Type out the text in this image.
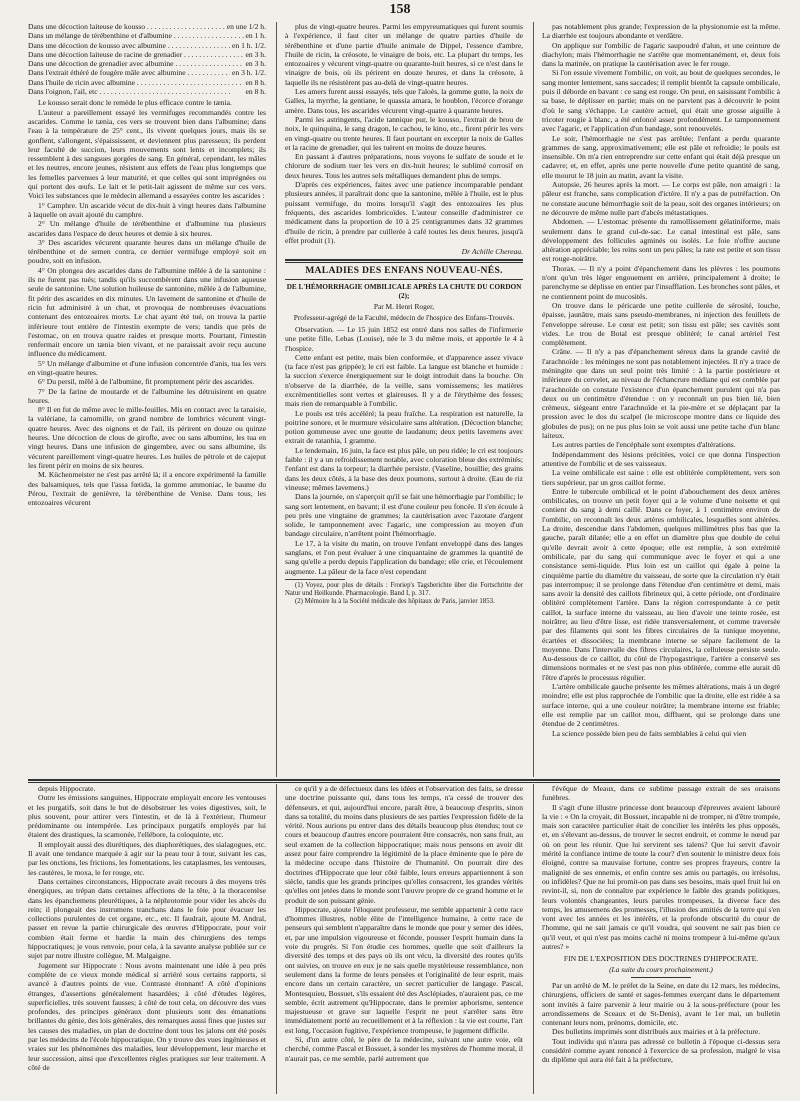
158
Dans une décoction laiteuse de kousso . . .	en une 1/2 h.
Dans un mélange de térébenthine et d'albumine . . .	en 1 h.
Dans une décoction de kousso avec albumine . . .	en 1 h. 1/2.
Dans une décoction laiteuse de racine de grenadier . . .	en 3 h.
Dans une décoction de grenadier avec albumine . . .	en 3 h.
Dans l'extrait éthéré de fougère mâle avec albumine . . .	en 3 h. 1/2.
Dans l'huile de ricin avec albumine . . .	en 8 h.
Dans l'oignon, l'ail, etc . . .	en 8 h.

Le kousso serait donc le remède le plus efficace contre le tænia.

L'auteur a pareillement essayé les vermifuges recommandés contre les ascarides. Comme le tænia, ces vers se trouvent bien dans l'albumine; dans l'eau à la température de 25° cent., ils vivent quelques jours, mais ils se gonflent, s'allongent, s'épaississent, et deviennent plus paresseux; ils perdent leur faculté de succion, leurs mouvements sont lents et incomplets; ils ressemblent à des sangsues gorgées de sang. En général, cependant, les mâles et les neutres, encore jeunes, résistent aux effets de l'eau plus longtemps que les femelles parvenues à leur maturité, et que celles qui sont imprégnées ou qui portent des œufs. Le lait et le petit-lait agissent de même sur ces vers. Voici les substances que le médecin allemand a essayées contre les ascarides :

1° Camphre. Un ascaride vécut de dix-huit à vingt heures dans l'albumine à laquelle on avait ajouté du camphre.

2° Un mélange d'huile de térébenthine et d'albumine tua plusieurs ascarides dans l'espace de deux heures et demie à six heures.

3° Des ascarides vécurent quarante heures dans un mélange d'huile de térébenthine et de semen contra, ce dernier vermifuge employé soit en poudre, soit en infusion.

4° On plongea des ascarides dans de l'albumine mêlée à de la santonine : ils ne furent pas tués; tandis qu'ils succombèrent dans une infusion aqueuse seule de santonine. Une solution huileuse de santonine, mêlée à de l'albumine, fit périr des ascarides en dix minutes. Un lavement de santonine et d'huile de ricin fut administré à un chat, et provoqua de nombreuses évacuations contenant des entozoaires morts. Le chat ayant été tué, on trouva la partie inférieure tout entière de l'intestin exempte de vers; tandis que près de l'estomac, on en trouva quatre raides et presque morts. Pourtant, l'intestin renfermait encore un tænia bien vivant, et ne paraissait avoir reçu aucune influence du médicament.

5° Un mélange d'albumine et d'une infusion concentrée d'anis, tua les vers en vingt-quatre heures.

6° Du persil, mêlé à de l'albumine, fit promptement périr des ascarides.

7° De la farine de moutarde et de l'albumine les détruisirent en quatre heures.

8° Il en fut de même avec le mille-feuilles. Mis en contact avec la tanaisie, la valériane, la camomille, on grand nombre de lombrics vécurent vingt-quatre heures. Avec des oignons et de l'ail, ils périrent en douze ou quinze heures. Une décoction de clous de girofle, avec ou sans albumine, les tua en vingt heures. Dans une infusion de gingembre, avec ou sans albumine, ils vécurent pareillement vingt-quatre heures. Les huiles de pétrole et de cajeput les firent périr en moins de six heures.

M. Küchenmeister ne s'est pas arrêté là; il a encore expérimenté la famille des balsamiques, tels que l'assa fœtida, la gomme ammoniac, le baume du Pérou, l'extrait de genièvre, la térébenthine de Venise. Dans tous, les entozoaires vécurent

plus de vingt-quatre heures. Parmi les empyreumatiques qui furent soumis à l'expérience, il faut citer un mélange de quatre parties d'huile de térébenthine et d'une partie d'huile animale de Dippel, l'essence d'ambre, l'huile de ricin, la créosote, le vinaigre de bois, etc. La plupart du temps, les entozoaires y vécurent vingt-quatre ou quarante-huit heures, si ce n'est dans le vinaigre de bois, où ils périrent en douze heures, et dans la créosote, à laquelle ils ne résistèrent pas au-delà de vingt-quatre heures.

Les amers furent aussi essayés, tels que l'aloès, la gomme gutte, la noix de Galles, la myrrhe, la gentiane, le quassia amara, le houblon, l'écorce d'orange amère. Dans tous, les ascarides vécurent vingt-quatre à quarante heures.

Parmi les astringents, l'acide tannique pur, le kousso, l'extrait de brou de noix, le quinquina, le sang dragon, le cachou, le kino, etc., firent périr les vers en vingt-quatre ou trente heures. Il faut pourtant en excepter la noix de Galles et la racine de grenadier, qui les tuèrent en moins de douze heures.

En passant à d'autres préparations, nous voyons le sulfate de soude et le chlorure de sodium tuer les vers en dix-huit heures; le sublimé corrosif en deux heures. Tous les autres sels métalliques demandent plus de temps.

D'après ces expériences, faites avec une patience incomparable pendant plusieurs années, il paraîtrait donc que la santonine, mêlée à l'huile, est le plus puissant vermifuge, du moins lorsqu'il s'agit des entozoaires les plus fréquents, des ascarides lombricoïdes. L'auteur conseille d'administrer ce médicament dans la proportion de 10 à 25 centigrammes dans 32 grammes d'huile de ricin, à prendre par cuillerée à café toutes les deux heures, jusqu'à effet produit (1).

Dr Achille Chereau.
MALADIES DES ENFANS NOUVEAU-NÉS.
DE L'HÉMORRHAGIE OMBILICALE APRÈS LA CHUTE DU CORDON (2);
Par M. Henri Roger,
Professeur-agrégé de la Faculté, médecin de l'hospice des Enfans-Trouvés.

Observation. — Le 15 juin 1852 est entré dans nos salles de l'infirmerie une petite fille, Lebas (Louise), née le 3 du même mois, et apportée le 4 à l'hospice.

Cette enfant est petite, mais bien conformée, et d'apparence assez vivace (ta face n'est pas grippée); le cri est faible. La langue est blanche et humide : la succion s'exerce énergiquement sur le doigt introduit dans la bouche. On n'observe de la diarrhée, de la veille, sans vomissemens; les matières excrémentitielles sont vertes et glaireuses. Il y a de l'érythème des fesses; mais rien de remarquable à l'ombilic.

Le pouls est très accéléré; la peau fraîche. La respiration est naturelle, la poitrine sonore, et le murmure vésiculaire sans altération. (Décoction blanche; potion gommeuse avec une goutte de laudanum; deux petits lavemens avec extrait de ratanhia, 1 gramme.

Le lendemain, 16 juin, la face est plus pâle, un peu ridée; le cri est toujours faible : il y a un refroidissement notable, avec coloration bleue des extrémités; l'enfant est dans la torpeur; la diarrhée persiste. (Vaseline, bouillie; des grains dans les deux côtés, à la base des deux poumons, surtout à droite. (Eau de riz vineuse; mêmes lavemens.)

Dans la journée, on s'aperçoit qu'il se fait une hémorrhagie par l'ombilic; le sang sort lentement, en bavant; il est d'une couleur peu foncée. Il s'en écoule à peu près une vingtaine de grammes; la cautérisation avec l'azotate d'argent solide, le tamponnement avec l'agaric, une compression au moyen d'un bandage circulaire, n'arrêtent point l'hémorrhagie.

Le 17, à la visite du matin, on trouve l'enfant enveloppé dans des langes sanglans, et l'on peut évaluer à une cinquantaine de grammes la quantité de sang qu'elle a perdu depuis l'application du bandage; elle crie, et l'écoulement augmente. La pâleur de la face n'est cependant

(1) Voyez, pour plus de détails : Froriep's Tagsberichte über die Fortschritte der Natur und Heilkunde. Pharmacologie. Band I, p. 317.

(2) Mémoire lu à la Société médicale des hôpitaux de Paris, janvier 1853.

pas notablement plus grande; l'expression de la physionomie est la même. La diarrhée est toujours abondante et verdâtre.

On applique sur l'ombilic de l'agaric saupoudré d'alun, et une ceinture de diachylon; mais l'hémorrhagie ne s'arrête que momentanément, et, deux fois dans la matinée, on pratique la cautérisation avec le fer rouge.

Si l'on essuie vivement l'ombilic, on voit, au bout de quelques secondes, le sang monter lentement, sans saccades; il remplit bientôt la capsule ombilicale, puis il déborde en bavant : ce sang est rouge. On peut, en saisissant l'ombilic à sa base, le déplisser en partie; mais on ne parvient pas à découvrir le point d'où le sang s'échappe. Le cautère actuel, qui était une grosse aiguille à tricoter rougie à blanc, a été enfoncé assez profondément. Le tamponnement avec l'agaric, et l'application d'un bandage, sont renouvelés.

Le soir, l'hémorrhagie ne s'est pas arrêtée; l'enfant a perdu quarante grammes de sang, approximativement; elle est pâle et refroidie; le pouls est insensible. On m'a rien entreprendre sur cette enfant qui était déjà presque un cadavre; et, en effet, après une perte nouvelle d'une petite quantité de sang, elle mourut le 18 juin au matin, avant la visite.

Autopsie, 26 heures après la mort. — Le corps est pâle, non amaigri : la pâleur est franche, sans complication d'ictère. Il n'y a pas de putréfaction. On ne constate aucune hémorrhagie soit de la peau, soit des organes intérieurs; on ne découvre de même nulle part d'abcès métastatiques.

Abdomen. — L'estomac présente du ramollissement gélatiniforme, mais seulement dans le grand cul-de-sac. Le canal intestinal est pâle, sans développement des follicules agminés ou isolés. Le foie n'offre aucune altération appréciable; les reins sont un peu pâles; la rate est petite et son tissu est rouge-noirâtre.

Thorax. — Il n'y a point d'épanchement dans les plèvres : les poumons n'ont qu'un très léger engouement en arrière, principalement à droite; le parenchyme se déplisse en entier par l'insufflation. Les bronches sont pâles, et ne contiennent point de mucosités.

On trouve dans le péricarde une petite cuillerée de sérosité, louche, épaisse, jaunâtre, mais sans pseudo-membranes, ni injection des feuillets de l'enveloppe séreuse. Le cœur est petit; son tissu est pâle; ses cavités sont vides. Le trou de Botal est presque oblitéré; le canal artériel l'est complètement.

Crâne. — Il n'y a pas d'épanchement séreux dans la grande cavité de l'arachnoïde : les méninges ne sont pas notablement injectées. Il n'y a trace de méningite que dans un seul point très limité : à la partie postérieure et inférieure du cervelet, au niveau de l'échancrure médiane qui est comblée par l'arachnoïde on constate l'existence d'un épanchement purulent qui n'a pas deux ou un centimètre d'étendue : on y reconnaît un pus bien lié, bien crémeux, siégeant entre l'arachnoïde et la pie-mère et se déplaçant par la pression avec le dos du scalpel (le microscope montre dans ce liquide des globules de pus); on ne pus plus loin se voit aussi une petite tache d'un blanc laiteux.

Les autres parties de l'encéphale sont exemptes d'altérations.

Indépendamment des lésions précitées, voici ce que donna l'inspection attentive de l'ombilic et de ses vaisseaux.

La veine ombilicale est saine : elle est oblitérée complètement, vers son tiers supérieur, par un gros caillot ferme.

Entre le tubercule ombilical et le point d'abouchement des deux artères ombilicales, on trouve un petit foyer qui a le volume d'une noisette et qui contient du sang à demi caillé. Dans ce foyer, à 1 centimètre environ de l'ombilic, on reconnaît les deux artères ombilicales, lesquelles sont altérées. La droite, descendue dans l'abdomen, quelques millimètres plus bas que la gauche, paraît dilatée; elle a en effet un diamètre plus que double de celui qu'elle devrait avoir à cette époque; elle est remplie, à son extrémité ombilicale, par du sang qui communique avec le foyer et qui a une consistance semi-liquide. Plus loin est un caillot qui égale à peine la cinquième partie du diamètre du vaisseau, de sorte que la circulation n'y était pas interrompue; il se prolonge dans l'étendue d'un centimètre et demi, mais sans avoir la densité des caillots fibrineux qui, à cette période, ont d'ordinaire oblitéré complètement l'artère. Dans la région correspondante à ce petit caillot, la surface interne du vaisseau, au lieu d'avoir une teinte rosée, est noirâtre; au lieu d'être lisse, est ridée transversalement, et comme traversée par des filaments qui sont les fibres circulaires de la tunique moyenne, écartées et dissociées; la membrane interne se sépare facilement de la moyenne. Dans l'intervalle des fibres circulaires, la celluleuse persiste seule. Au-dessous de ce caillot, du côté de l'hypogastrique, l'artère a conservé ses dimensions normales et ne s'est pas non plus oblitérée, comme elle aurait dû l'être d'après le processus régulier.

L'artère ombilicale gauche présente les mêmes altérations, mais à un degré moindre; elle est plus rapprochée de l'ombilic que la droite, elle est ridée à sa surface interne, qui a une couleur noirâtre; la membrane interne est friable; elle est remplie par un caillot mou, diffluent, qui se prolonge dans une étendue de 2 centimètres.

La science possède bien peu de faits semblables à celui qui vien

depuis Hippocrate.

Outre les émissions sanguines, Hippocrate employait encore les ventouses et les purgatifs, soit dans le but de désobstruer les voies digestives, soit, le plus souvent, pour attirer vers l'intestin, et de là à l'extérieur, l'humeur prédominante ou intempérée. Les principaux purgatifs employés par lui étaient des drastiques, la scamonée, l'ellébore, la coloquinte, etc.

Il employait aussi des diurétiques, des diaphorétiques, des sialagogues, etc. Il avait une tendance marquée à agir sur la peau tour à tour, suivant les cas, par les onctions, les frictions, les fomentations, les cataplasmes, les ventouses, les cautères, le moxa, le fer rouge, etc.

Dans certaines circonstances, Hippocrate avait recours à des moyens très énergiques, au trépan dans certaines affections de la tête, à la thoracentèse dans les épanchemens pleurétiques, à la néphrotomie pour vider les abcès du rein; il plongeait des instrumens tranchans dans le foie pour évacuer les collections purulentes de cet organe, etc., etc. Il faudrait, ajoute M. Andral, passer en revue la partie chirurgicale des œuvres d'Hippocrate, pour voir combien était ferme et hardie la main des chirurgiens des temps hippocratiques; je vous renvoie, pour cela, à la savante analyse publiée sur ce sujet par notre illustre collègue, M. Malgaigne.

Jugement sur Hippocrate : Nous avons maintenant une idée à peu près complète de ce vieux monde médical si arriéré sous certains rapports, si avancé à d'autres points de vue. Contraste étonnant! A côté d'opinions étranges, d'assertions généralement hasardées; à côté d'études légères, superficielles, très souvent fausses; à côté de tout cela, on découvre des vues profondes, des principes généraux dont plusieurs sont des émanations brillantes du génie, des lois générales, des remarques aussi fines que justes sur les causes des maladies, un plan de doctrine dont tous les jalons ont été posés par les médecins de l'école hippocratique. On y trouve des vues ingénieuses et vraies sur les phénomènes des maladies, leur développement, leur marche et leur succession, ainsi que d'excellentes règles pratiques sur leur traitement. A côté de

ce qu'il y a de défectueux dans les idées et l'observation des faits, se dresse une doctrine puissante qui, dans tous les temps, n'a cessé de trouver des défenseurs, et qui, aujourd'hui encore, paraît être, à beaucoup d'esprits, sinon dans sa totalité, du moins dans plusieurs de ses parties l'expression fidèle de la vérité. Nous aurions pu entrer dans des détails beaucoup plus étendus; tout ce cours et beaucoup d'autres encore pourraient être consacrés, non sans fruit, au seul examen de la collection hippocratique; mais nous pensons en avoir dit assez pour faire comprendre la légitimité de la place éminente que le père de la médecine occupe dans l'histoire de l'humanité. On pourrait dire des doctrines d'Hippocrate que leur côté faible, leurs erreurs appartiennent à son siècle, tandis que les grands principes qu'elles consacrent, les grandes vérités qu'elles ont jetées dans le monde sont l'œuvre propre de ce grand homme et le produit de son puissant génie.

Hippocrate, ajoute l'éloquent professeur, me semble appartenir à cette race d'hommes illustres, noble élite de l'intelligence humaine, à cette race de penseurs qui semblent n'apparaître dans le monde que pour y semer des idées, et, par une impulsion vigoureuse et féconde, pousser l'esprit humain dans la voie du progrès. Si l'on étudie ces hommes, quelle que soit d'ailleurs la diversité des temps et des pays où ils ont vécu, la diversité des routes qu'ils ont suivies, on trouve en eux je ne sais quelle mystérieuse ressemblance, non seulement dans la forme de leurs pensées et l'originalité de leur esprit, mais encore dans un certain caractère, un secret particulier de langage. Pascal, Montesquieu, Bossuet, s'ils essaient été des Asclépiades, n'auraient pas, ce me semble, écrit autrement qu'Hippocrate, dans le premier aphorisme, sentence majestueuse et grave sur laquelle l'esprit ne peut s'arrêter sans être immédiatement porté au recueillement et à la réflexion : la vie est courte, l'art est long, l'occasion fugitive, l'expérience trompeuse, le jugement difficile.

Si, d'un autre côté, le père de la médecine, suivant une autre voie, eût cherché, comme Pascal et Bossuet, à sonder les mystères de l'homme moral, il n'aurait pas, ce me semble, parlé autrement que

l'évêque de Meaux, dans ce sublime passage extrait de ses oraisons funèbres.

Il s'agit d'une illustre princesse dont beaucoup d'épreuves avaient labouré la vie : « On la croyait, dit Bossuet, incapable ni de tromper, ni d'être trompée, mais son caractère particulier était de concilier les intérêts les plus opposés, et, en s'élevant au-dessus, de trouver le secret endroit, et comme le nœud par où on peut les réunir. Que lui servirent ses talens? Que lui servit d'avoir mérité la confiance intime de toute la cour? d'en soutenir le ministre deux fois éloigné, contre sa mauvaise fortune, contre ses propres frayeurs, contre la malignité de ses ennemis, et enfin contre ses amis ou partagés, ou irrésolus, ou infidèles? Que ne lui promit-on pas dans ses besoins, mais quel fruit lui en revint-il, si, non de connaître par expérience le faible des grands politiques, leurs volontés changeantes, leurs paroles trompeuses, la diverse face des temps, les amusemens des promesses, l'illusion des amitiés de la terre qui s'en vont avec les années et les intérêts, et la profonde obscurité du cœur de l'homme, qui ne sait jamais ce qu'il voudra, qui souvent ne sait pas bien ce qu'il veut, et qui n'est pas moins caché ni moins trompeur à lui-même qu'aux autres? »

FIN DE L'EXPOSITION DES DOCTRINES D'HIPPOCRATE.
(La suite du cours prochainement.)

Par un arrêté de M. le préfet de la Seine, en date du 12 mars, les médecins, chirurgiens, officiers de santé et sages-femmes exerçant dans le département sont invités à faire parvenir à leur mairie ou à la sous-préfecture (pour les arrondissemens de Sceaux et de St-Denis), avant le 1er mai, un bulletin contenant leurs nom, prénoms, domicile, etc.

Des bulletins imprimés sont distribués aux mairies et à la préfecture.

Tout individu qui n'aura pas adressé ce bulletin à l'époque ci-dessus sera considéré comme ayant renoncé à l'exercice de sa profession, malgré le visa du diplôme qui aura été fait à la préfecture,
